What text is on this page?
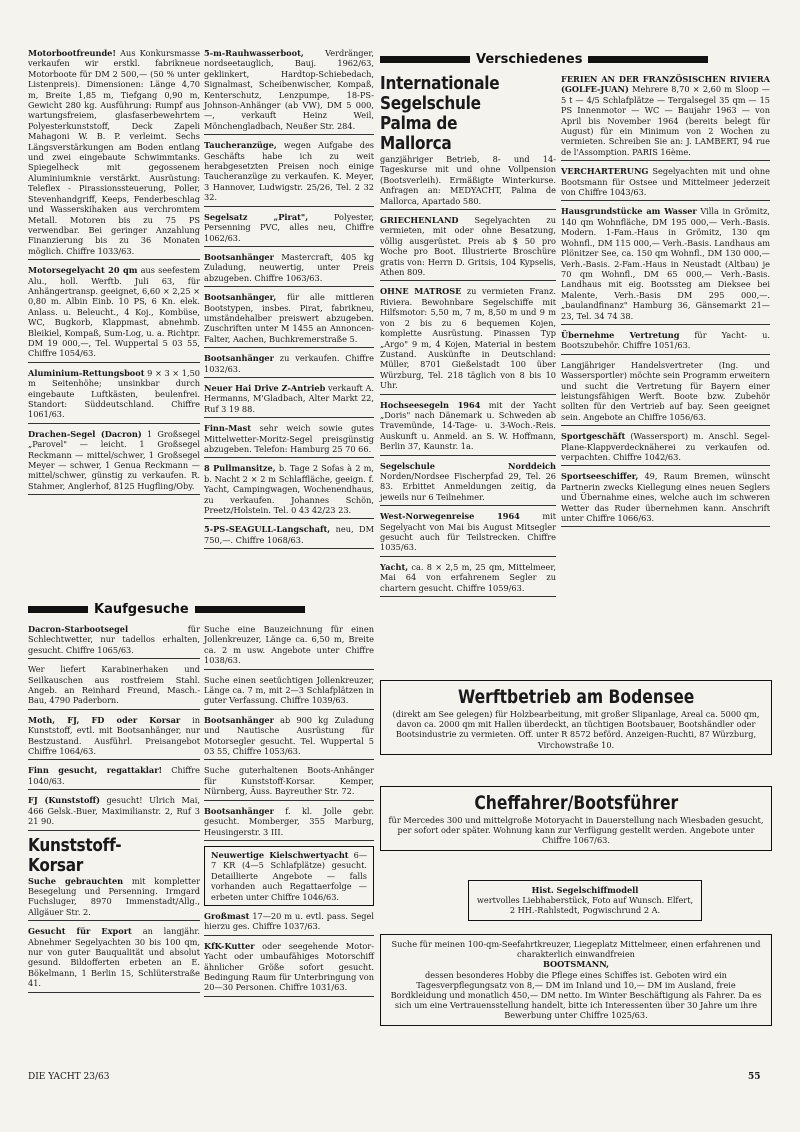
Motorbootfreunde! Aus Konkursmasse verkaufen wir erstkl. fabrikneue Motorboote für DM 2 500,— (50 % unter Listenpreis). Dimensionen: Länge 4,70 m, Breite 1,85 m, Tiefgang 0,90 m, Gewicht 280 kg. Ausführung: Rumpf aus wartungsfreiem, glasfaserbewehrtem Polyesterkunststoff, Deck Zapeli Mahagoni W. B. P. verleimt. Sechs Längsverstärkungen am Boden entlang und zwei eingebaute Schwimmtanks. Spiegelheck mit gegossenem Aluminiumknie verstärkt. Ausrüstung: Teleflex - Pirassionssteuerung, Poller, Stevenhandgriff, Keeps, Fenderbeschlag und Wasserskihaken aus verchromtem Metall. Motoren bis zu 75 PS verwendbar. Bei geringer Anzahlung Finanzierung bis zu 36 Monaten möglich. Chiffre 1033/63.

Motorsegelyacht 20 qm aus seefestem Alu., holl. Werftb. Juli 63, für Anhängertransp. geeignet, 6,60 × 2,25 × 0,80 m. Albin Einb. 10 PS, 6 Kn. elek. Anlass. u. Beleucht., 4 Koj., Kombüse, WC, Bugkorb, Klappmast, abnehmb. Bleikiel, Kompaß, Sum-Log, u. a. Richtpr. DM 19 000,—, Tel. Wuppertal 5 03 55, Chiffre 1054/63.

Aluminium-Rettungsboot 9 × 3 × 1,50 m Seitenhöhe; unsinkbar durch eingebaute Luftkästen, beulenfrei. Standort: Süddeutschland. Chiffre 1061/63.

Drachen-Segel (Dacron) 1 Großsegel „Parovel" — leicht. 1 Großsegel Reckmann — mittel/schwer, 1 Großsegel Meyer — schwer, 1 Genua Reckmann — mittel/schwer, günstig zu verkaufen. R. Stahmer, Anglerhof, 8125 Hugfling/Oby.

5-m-Rauhwasserboot,	Verdränger, nordseetauglich, Bauj. 1962/63, geklinkert, Hardtop-Schiebedach, Signalmast, Scheibenwischer, Kompaß, Kenterschutz, Lenzpumpe, 18-PS-Johnson-Anhänger (ab VW), DM 5 000,—, verkauft Heinz Weil, Mönchengladbach, Neußer Str. 284.

Taucheranzüge, wegen Aufgabe des Geschäfts habe ich zu weit herabgesetzten Preisen noch einige Taucheranzüge zu verkaufen. K. Meyer, 3 Hannover, Ludwigstr. 25/26, Tel. 2 32 32.

Segelsatz „Pirat",	Polyester, Persenning PVC, alles neu, Chiffre 1062/63.

Bootsanhänger Mastercraft, 405 kg Zuladung, neuwertig, unter Preis abzugeben. Chiffre 1063/63.

Bootsanhänger, für alle mittleren Bootstypen, insbes. Pirat, fabrikneu, umständehalber preiswert abzugeben. Zuschriften unter M 1455 an Annoncen-Falter, Aachen, Buchkremerstraße 5.

Bootsanhänger zu verkaufen. Chiffre 1032/63.

Neuer Hai Drive Z-Antrieb verkauft A. Hermanns, M'Gladbach, Alter Markt 22, Ruf 3 19 88.

Finn-Mast sehr weich sowie gutes Mittelwetter-Moritz-Segel preisgünstig abzugeben. Telefon: Hamburg 25 70 66.

8 Pullmansitze, b. Tage 2 Sofas à 2 m, b. Nacht 2 × 2 m Schlaffläche, geeign. f. Yacht, Campingwagen, Wochenendhaus, zu verkaufen. Johannes Schön, Preetz/Holstein. Tel. 0 43 42/23 23.

5-PS-SEAGULL-Langschaft, neu, DM 750,—. Chiffre 1068/63.

Kaufgesuche

Dacron-Starbootsegel	für Schlechtwetter, nur tadellos erhalten, gesucht. Chiffre 1065/63.

Wer liefert Karabinerhaken und Seilkauschen aus rostfreiem Stahl. Angeb. an Reinhard Freund, Masch.-Bau, 4790 Paderborn.

Moth, FJ, FD oder Korsar in Kunststoff, evtl. mit Bootsanhänger, nur Bestzustand. Ausführl. Preisangebot Chiffre 1064/63.

Finn gesucht, regattaklar! Chiffre 1040/63.

FJ (Kunststoff) gesucht! Ulrich Mai, 466 Gelsk.-Buer, Maximilianstr. 2, Ruf 3 21 90.

Kunststoff-Korsar

Suche gebrauchten mit kompletter Besegelung und Persenning. Irmgard Fuchsluger, 8970 Immenstadt/Allg., Allgäuer Str. 2.

Gesucht für Export an langjähr. Abnehmer Segelyachten 30 bis 100 qm, nur von guter Bauqualität und absolut gesund. Bildofferten erbeten an E. Bökelmann, 1 Berlin 15, Schlüterstraße 41.

Suche eine Bauzeichnung für einen Jollenkreuzer, Länge ca. 6,50 m, Breite ca. 2 m usw. Angebote unter Chiffre 1038/63.

Suche einen seetüchtigen Jollenkreuzer, Länge ca. 7 m, mit 2—3 Schlafplätzen in guter Verfassung. Chiffre 1039/63.

Bootsanhänger ab 900 kg Zuladung und Nautische Ausrüstung für Motorsegler gesucht. Tel. Wuppertal 5 03 55, Chiffre 1053/63.

Suche guterhaltenen Boots-Anhänger für Kunststoff-Korsar. Kemper, Nürnberg, Äuss. Bayreuther Str. 72.

Bootsanhänger f. kl. Jolle gebr. gesucht. Momberger, 355 Marburg, Heusingerstr. 3 III.

Neuwertige Kielschwertyacht 6—7 KR (4—5 Schlafplätze) gesucht. Detaillierte Angebote — falls vorhanden auch Regattaerfolge — erbeten unter Chiffre 1046/63.

Großmast 17—20 m u. evtl. pass. Segel hierzu ges. Chiffre 1037/63.

KfK-Kutter oder seegehende Motor-Yacht oder umbaufähiges Motorschiff ähnlicher Größe sofort gesucht. Bedingung Raum für Unterbringung von 20—30 Personen. Chiffre 1031/63.

Verschiedenes
Internationale Segelschule Palma de Mallorca

ganzjähriger Betrieb, 8- und 14-Tageskurse mit und ohne Vollpension (Bootsverleih). Ermäßigte Winterkurse. Anfragen an: MEDYACHT, Palma de Mallorca, Apartado 580.

GRIECHENLAND Segelyachten zu vermieten, mit oder ohne Besatzung, völlig ausgerüstet. Preis ab $ 50 pro Woche pro Boot. Illustrierte Broschüre gratis von: Herrn D. Gritsis, 104 Kypselis, Athen 809.

OHNE MATROSE zu vermieten Franz. Riviera. Bewohnbare Segelschiffe mit Hilfsmotor: 5,50 m, 7 m, 8,50 m und 9 m von 2 bis zu 6 bequemen Kojen, komplette Ausrüstung. Pinassen Typ „Argo" 9 m, 4 Kojen, Material in bestem Zustand. Auskünfte in Deutschland: Müller, 8701 Gießelstadt 100 über Würzburg, Tel. 218 täglich von 8 bis 10 Uhr.

Hochseesegeln 1964 mit der Yacht „Doris" nach Dänemark u. Schweden ab Travemünde, 14-Tage- u. 3-Woch.-Reis. Auskunft u. Anmeld. an S. W. Hoffmann, Berlin 37, Kaunstr. 1a.

Segelschule Norddeich Norden/Nordsee Fischerpfad 29, Tel. 26 83. Erbittet Anmeldungen zeitig, da jeweils nur 6 Teilnehmer.

West-Norwegenreise 1964	mit Segelyacht von Mai bis August Mitsegler gesucht auch für Teilstrecken. Chiffre 1035/63.

Yacht, ca. 8 × 2,5 m, 25 qm, Mittelmeer, Mai 64 von erfahrenem Segler zu chartern gesucht. Chiffre 1059/63.

FERIEN AN DER FRANZÖSISCHEN RIVIERA (GOLFE-JUAN) Mehrere 8,70 × 2,60 m Sloop — 5 t — 4/5 Schlafplätze — Tergalsegel 35 qm — 15 PS Innenmotor — WC — Baujahr 1963 — von April bis November 1964 (bereits belegt für August) für ein Minimum von 2 Wochen zu vermieten. Schreiben Sie an: J. LAMBERT, 94 rue de l'Assomption. PARIS 16ème.

VERCHARTERUNG Segelyachten mit und ohne Bootsmann für Ostsee und Mittelmeer jederzeit von Chiffre 1043/63.

Hausgrundstücke am Wasser Villa in Grömitz, 140 qm Wohnfläche, DM 195 000,— Verh.-Basis. Modern. 1-Fam.-Haus in Grömitz, 130 qm Wohnfl., DM 115 000,— Verh.-Basis. Landhaus am Plönitzer See, ca. 150 qm Wohnfl., DM 130 000,— Verh.-Basis. 2-Fam.-Haus in Neustadt (Altbau) je 70 qm Wohnfl., DM 65 000,— Verh.-Basis. Landhaus mit eig. Bootssteg am Dieksee bei Malente, Verh.-Basis DM 295 000,—. „baulandfinanz" Hamburg 36, Gänsemarkt 21—23, Tel. 34 74 38.

Übernehme Vertretung für Yacht- u. Bootszubehör. Chiffre 1051/63.

Langjähriger Handelsvertreter (Ing. und Wassersportler) möchte sein Programm erweitern und sucht die Vertretung für Bayern einer leistungsfähigen Werft. Boote bzw. Zubehör sollten für den Vertrieb auf bay. Seen geeignet sein. Angebote an Chiffre 1056/63.

Sportgeschäft (Wassersport) m. Anschl. Segel-Plane-Klappverdecknäherei zu verkaufen od. verpachten. Chiffre 1042/63.

Sportseeschiffer, 49, Raum Bremen, wünscht Partnerin zwecks Kiellegung eines neuen Seglers und Übernahme eines, welche auch im schweren Wetter das Ruder übernehmen kann. Anschrift unter Chiffre 1066/63.

Werftbetrieb am Bodensee
(direkt am See gelegen) für Holzbearbeitung, mit großer Slipanlage, Areal ca. 5000 qm, davon ca. 2000 qm mit Hallen überdeckt, an tüchtigen Bootsbauer, Bootshändler oder Bootsindustrie zu vermieten. Off. unter R 8572 beförd. Anzeigen-Ruchti, 87 Würzburg, Virchowstraße 10.
Cheffahrer/Bootsführer
für Mercedes 300 und mittelgroße Motoryacht in Dauerstellung nach Wiesbaden gesucht, per sofort oder später. Wohnung kann zur Verfügung gestellt werden. Angebote unter Chiffre 1067/63.
Hist. Segelschiffmodell
wertvolles Liebhaberstück, Foto auf Wunsch. Elfert, 2 HH.-Rahlstedt, Pogwischrund 2 A.
Suche für meinen 100-qm-Seefahrtkreuzer, Liegeplatz Mittelmeer, einen erfahrenen und charakterlich einwandfreien
BOOTSMANN,
dessen besonderes Hobby die Pflege eines Schiffes ist. Geboten wird ein Tagesverpflegungsatz von 8,— DM im Inland und 10,— DM im Ausland, freie Bordkleidung und monatlich 450,— DM netto. Im Winter Beschäftigung als Fahrer. Da es sich um eine Vertrauensstellung handelt, bitte ich Interessenten über 30 Jahre um ihre Bewerbung unter Chiffre 1025/63.
DIE YACHT 23/63	55
